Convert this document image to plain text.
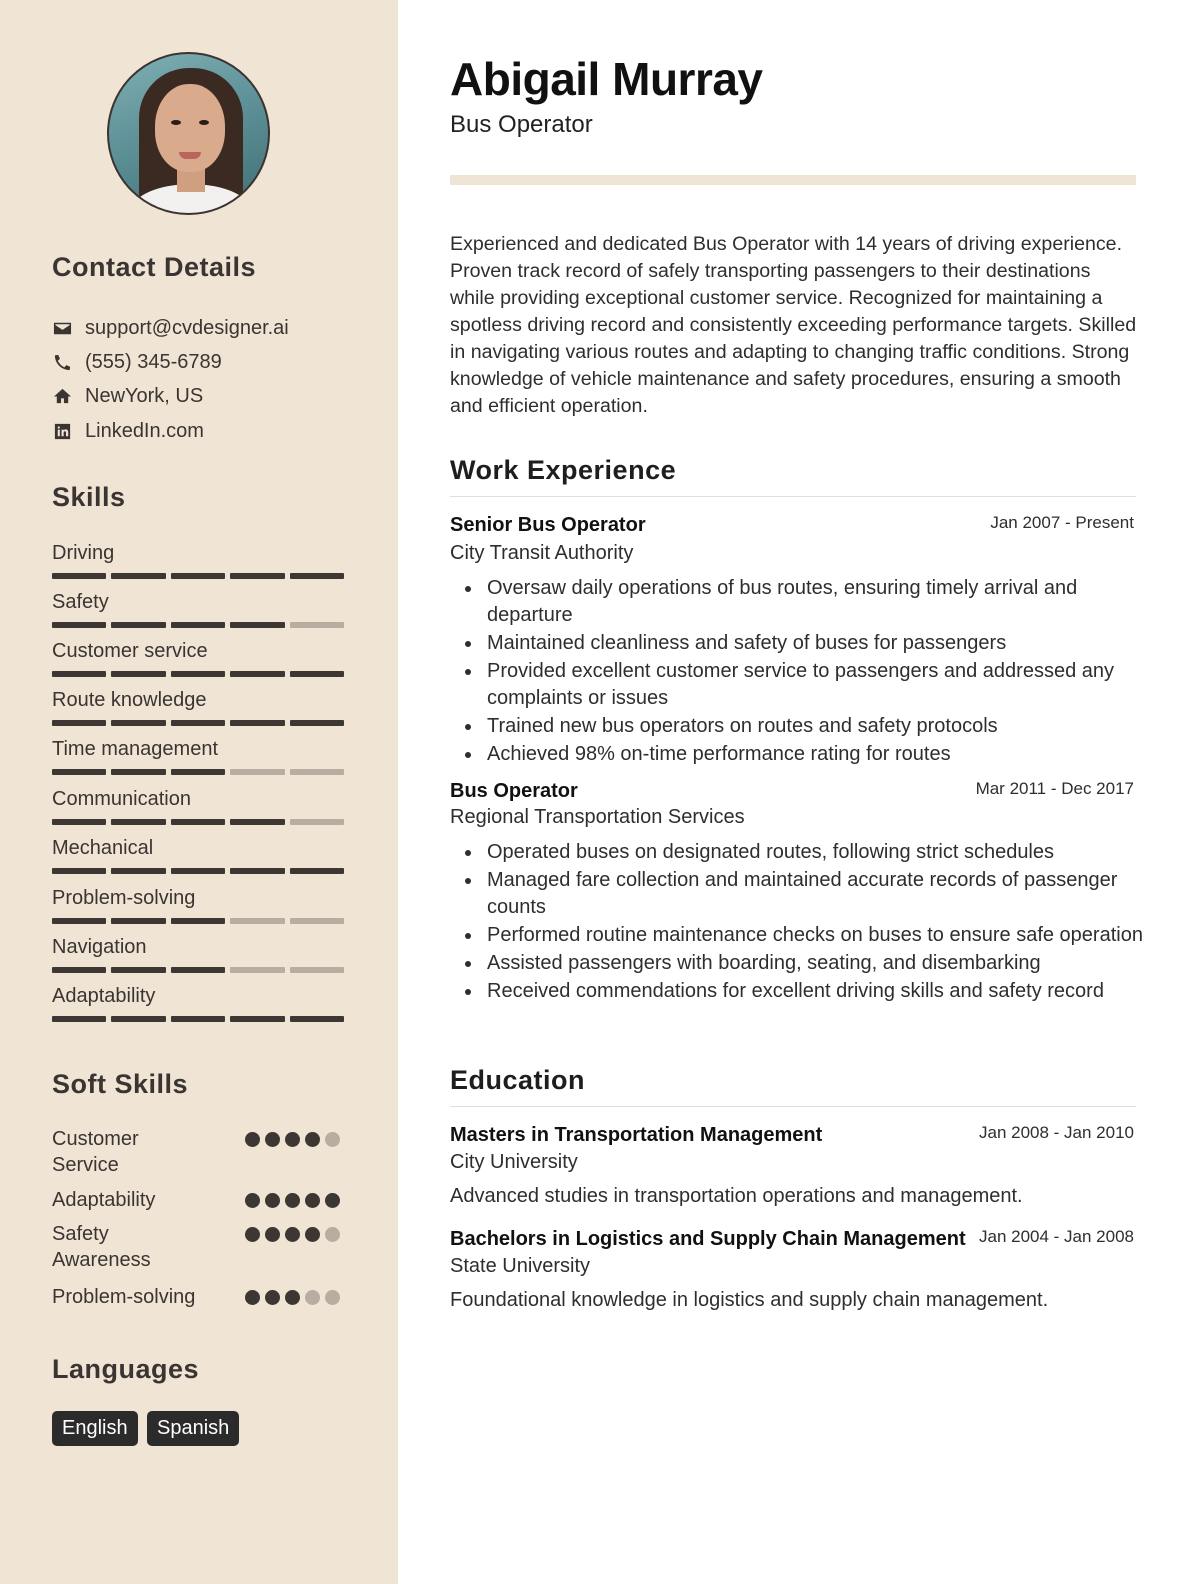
Contact Details
support@cvdesigner.ai
(555) 345-6789
NewYork, US
LinkedIn.com
Skills
Driving
Safety
Customer service
Route knowledge
Time management
Communication
Mechanical
Problem-solving
Navigation
Adaptability
Soft Skills
Customer Service
Adaptability
Safety Awareness
Problem-solving
Languages
English	Spanish
Abigail Murray
Bus Operator

Experienced and dedicated Bus Operator with 14 years of driving experience. Proven track record of safely transporting passengers to their destinations while providing exceptional customer service. Recognized for maintaining a spotless driving record and consistently exceeding performance targets. Skilled in navigating various routes and adapting to changing traffic conditions. Strong knowledge of vehicle maintenance and safety procedures, ensuring a smooth and efficient operation.

Work Experience
Senior Bus Operator	Jan 2007 - Present
City Transit Authority
Oversaw daily operations of bus routes, ensuring timely arrival and departure
Maintained cleanliness and safety of buses for passengers
Provided excellent customer service to passengers and addressed any complaints or issues
Trained new bus operators on routes and safety protocols
Achieved 98% on-time performance rating for routes
Bus Operator	Mar 2011 - Dec 2017
Regional Transportation Services
Operated buses on designated routes, following strict schedules
Managed fare collection and maintained accurate records of passenger counts
Performed routine maintenance checks on buses to ensure safe operation
Assisted passengers with boarding, seating, and disembarking
Received commendations for excellent driving skills and safety record
Education
Masters in Transportation Management	Jan 2008 - Jan 2010
City University
Advanced studies in transportation operations and management.
Bachelors in Logistics and Supply Chain Management Jan 2004 - Jan 2008
State University
Foundational knowledge in logistics and supply chain management.
